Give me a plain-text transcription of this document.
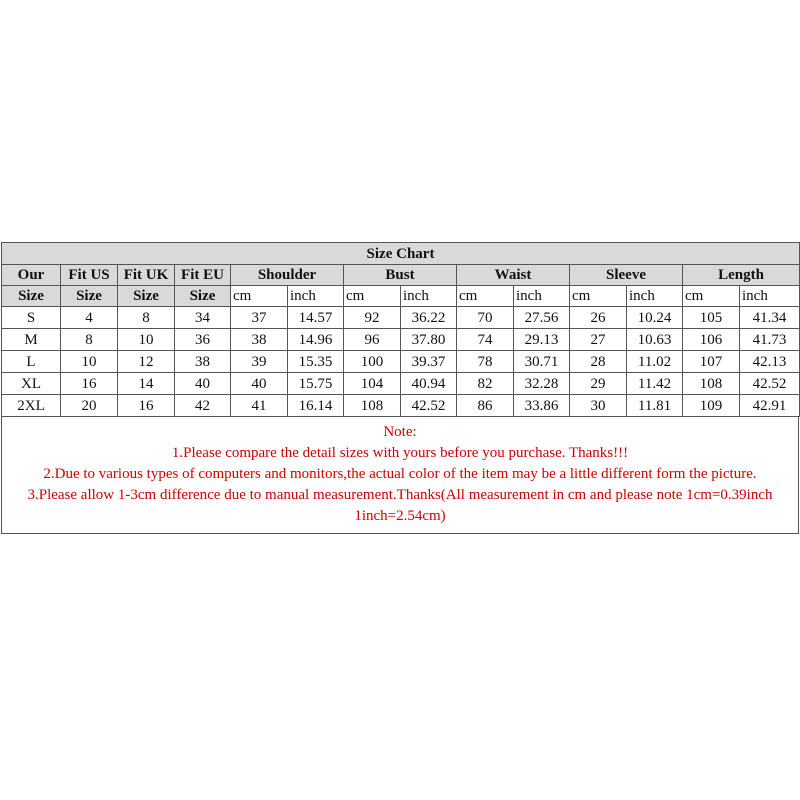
Size Chart													
Our	Fit US	Fit UK	Fit EU	Shoulder		Bust		Waist		Sleeve		Length	
Size	Size	Size	Size	cm	inch	cm	inch	cm	inch	cm	inch	cm	inch
S	4	8	34	37	14.57	92	36.22	70	27.56	26	10.24	105	41.34
M	8	10	36	38	14.96	96	37.80	74	29.13	27	10.63	106	41.73
L	10	12	38	39	15.35	100	39.37	78	30.71	28	11.02	107	42.13
XL	16	14	40	40	15.75	104	40.94	82	32.28	29	11.42	108	42.52
2XL	20	16	42	41	16.14	108	42.52	86	33.86	30	11.81	109	42.91
Note:
1.Please compare the detail sizes with yours before you purchase. Thanks!!!
2.Due to various types of computers and monitors,the actual color of the item may be a little different form the picture.
3.Please allow 1-3cm difference due to manual measurement.Thanks(All measurement in cm and please note 1cm=0.39inch 1inch=2.54cm)
